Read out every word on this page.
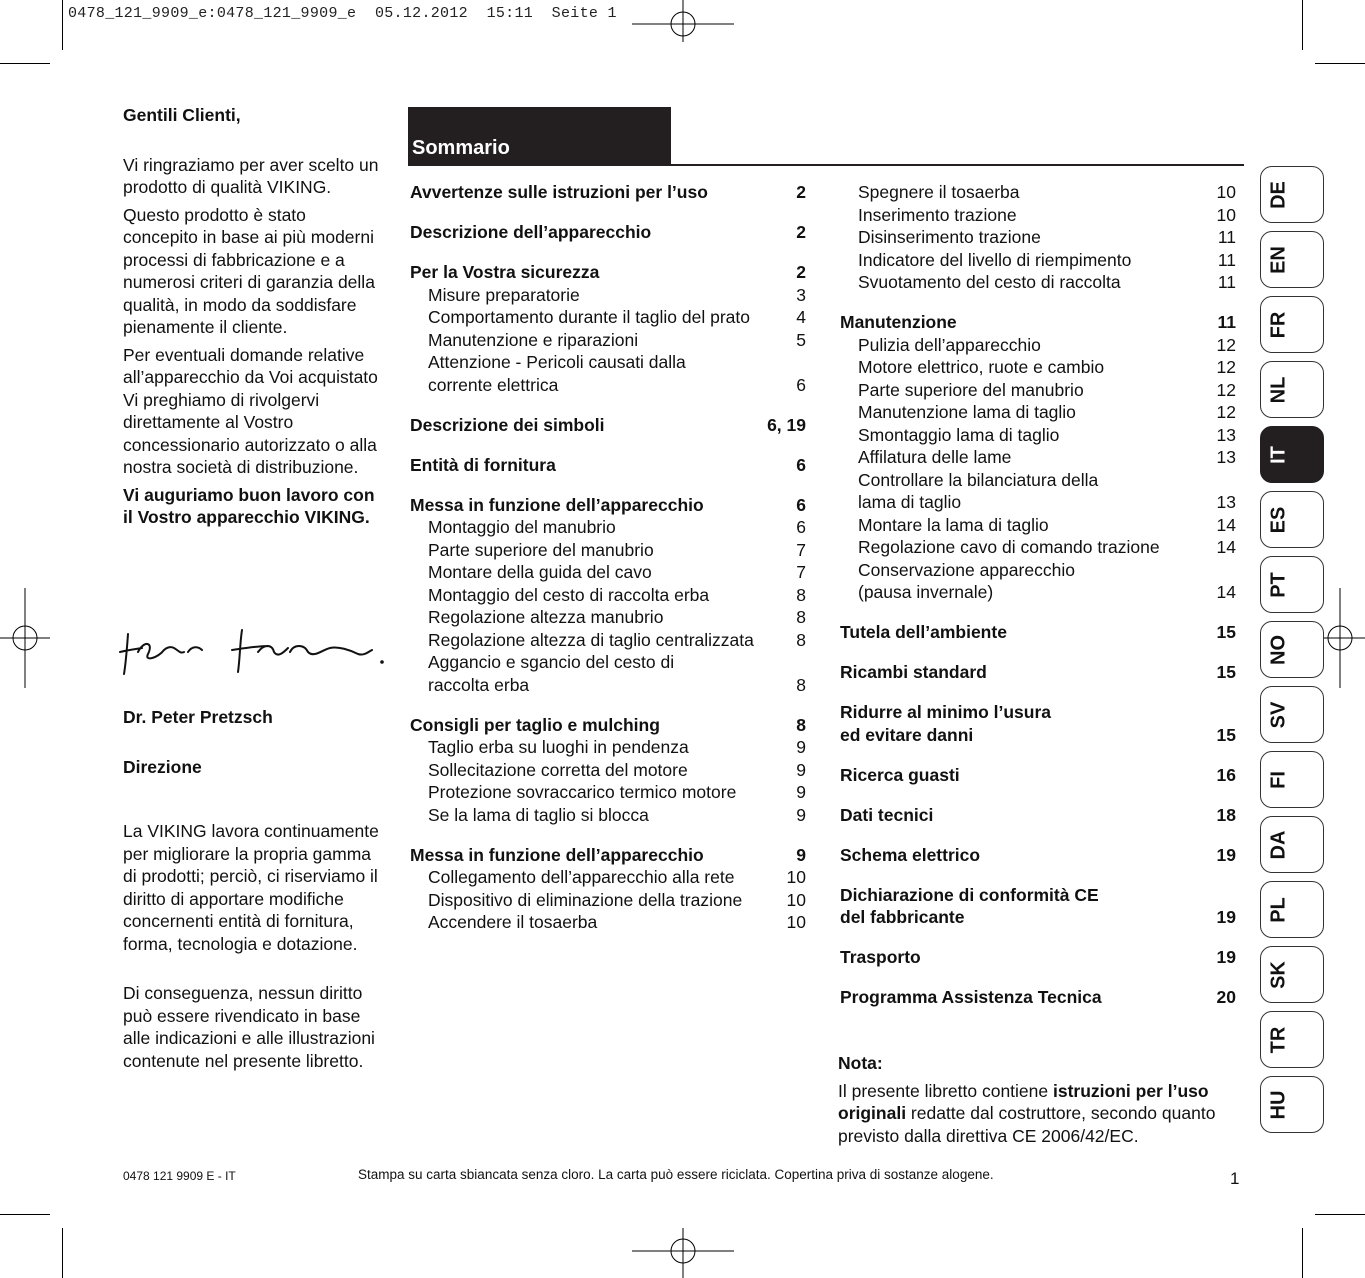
0478_121_9909_e:0478_121_9909_e  05.12.2012  15:11  Seite 1

Gentili Clienti,

Vi ringraziamo per aver scelto un prodotto di qualità VIKING.

Questo prodotto è stato concepito in base ai più moderni processi di fabbricazione e a numerosi criteri di garanzia della qualità, in modo da soddisfare pienamente il cliente.

Per eventuali domande relative all’apparecchio da Voi acquistato Vi preghiamo di rivolgervi direttamente al Vostro concessionario autorizzato o alla nostra società di distribuzione.

Vi auguriamo buon lavoro con il Vostro apparecchio VIKING.

Dr. Peter Pretzsch

Direzione

La VIKING lavora continuamente per migliorare la propria gamma di prodotti; perciò, ci riserviamo il diritto di apportare modifiche concernenti entità di fornitura, forma, tecnologia e dotazione.

Di conseguenza, nessun diritto può essere rivendicato in base alle indicazioni e alle illustrazioni contenute nel presente libretto.

Sommario
Avvertenze sulle istruzioni per l’uso	2
Descrizione dell’apparecchio	2
Per la Vostra sicurezza	2
Misure preparatorie	3
Comportamento durante il taglio del prato	4
Manutenzione e riparazioni	5
Attenzione - Pericoli causati dalla
corrente elettrica	6
Descrizione dei simboli	6, 19
Entità di fornitura	6
Messa in funzione dell’apparecchio	6
Montaggio del manubrio	6
Parte superiore del manubrio	7
Montare della guida del cavo	7
Montaggio del cesto di raccolta erba	8
Regolazione altezza manubrio	8
Regolazione altezza di taglio centralizzata	8
Aggancio e sgancio del cesto di
raccolta erba	8
Consigli per taglio e mulching	8
Taglio erba su luoghi in pendenza	9
Sollecitazione corretta del motore	9
Protezione sovraccarico termico motore	9
Se la lama di taglio si blocca	9
Messa in funzione dell’apparecchio	9
Collegamento dell’apparecchio alla rete	10
Dispositivo di eliminazione della trazione	10
Accendere il tosaerba	10
Spegnere il tosaerba	10
Inserimento trazione	10
Disinserimento trazione	11
Indicatore del livello di riempimento	11
Svuotamento del cesto di raccolta	11
Manutenzione	11
Pulizia dell’apparecchio	12
Motore elettrico, ruote e cambio	12
Parte superiore del manubrio	12
Manutenzione lama di taglio	12
Smontaggio lama di taglio	13
Affilatura delle lame	13
Controllare la bilanciatura della
lama di taglio	13
Montare la lama di taglio	14
Regolazione cavo di comando trazione	14
Conservazione apparecchio
(pausa invernale)	14
Tutela dell’ambiente	15
Ricambi standard	15
Ridurre al minimo l’usura
ed evitare danni	15
Ricerca guasti	16
Dati tecnici	18
Schema elettrico	19
Dichiarazione di conformità CE
del fabbricante	19
Trasporto	19
Programma Assistenza Tecnica	20
Nota:
Il presente libretto contiene istruzioni per l’uso originali redatte dal costruttore, secondo quanto previsto dalla direttiva CE 2006/42/EC.
0478 121 9909 E - IT	Stampa su carta sbiancata senza cloro. La carta può essere riciclata. Copertina priva di sostanze alogene.	1
DE
EN
FR
NL
IT
ES
PT
NO
SV
FI
DA
PL
SK
TR
HU
